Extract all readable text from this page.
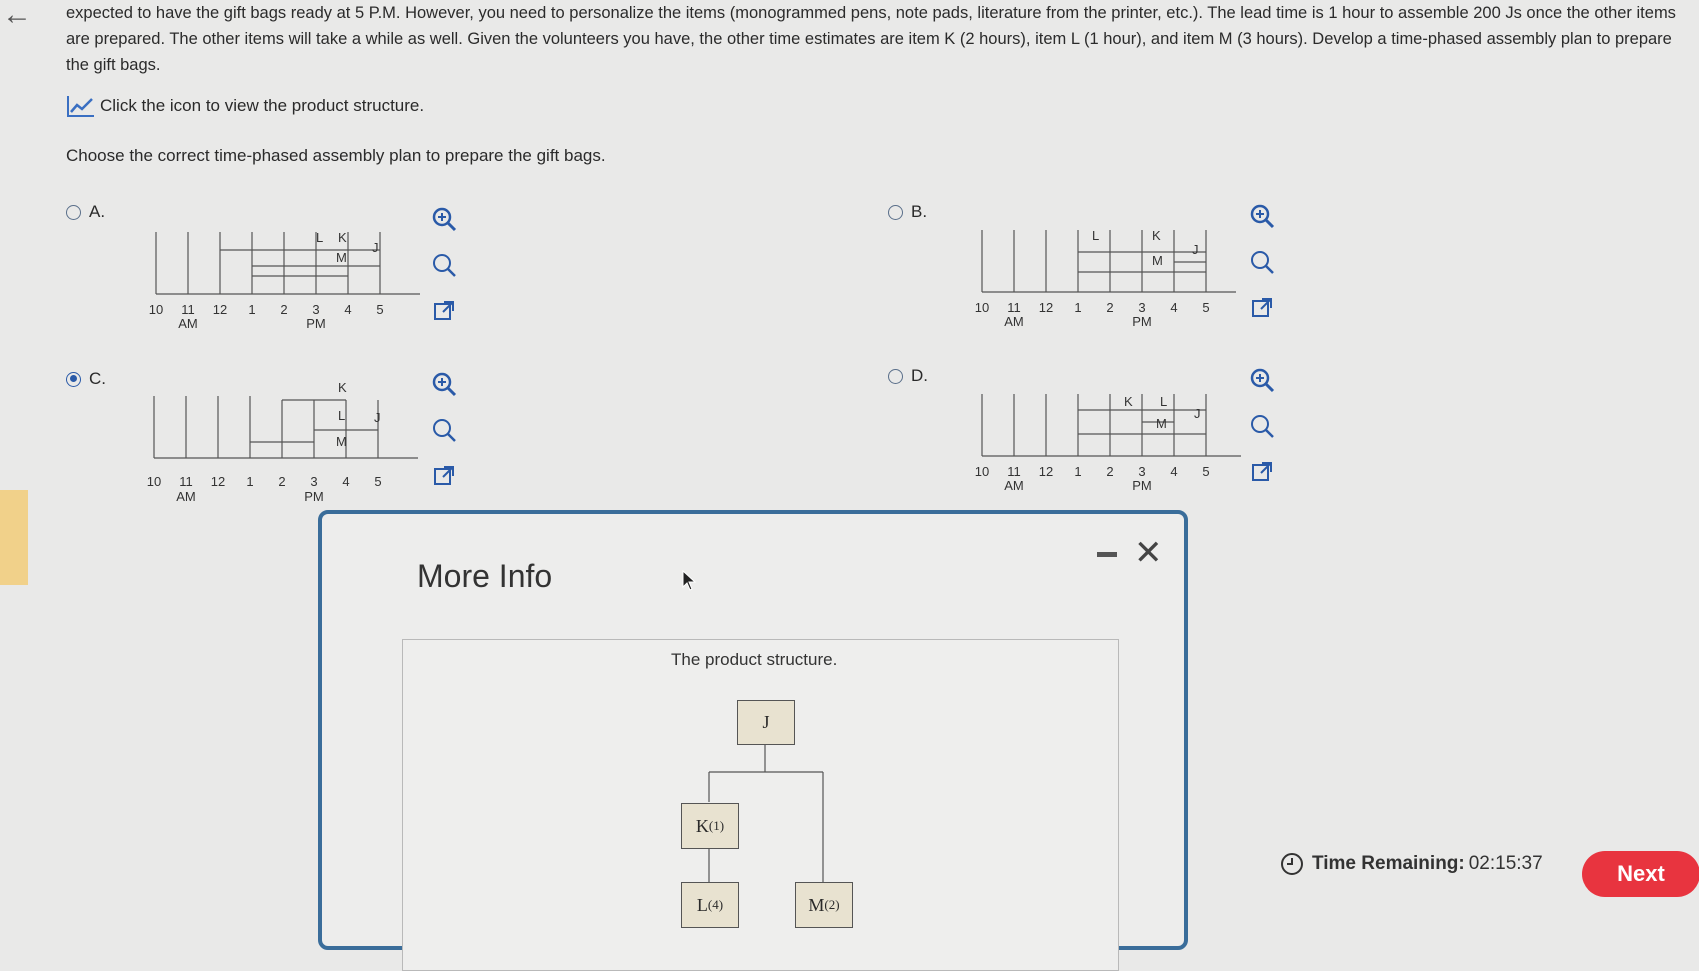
← expected to have the gift bags ready at 5 P.M. However, you need to personalize the items (monogrammed pens, note pads, literature from the printer, etc.). The lead time is 1 hour to assemble 200 Js once the other items are prepared. The other items will take a while as well. Given the volunteers you have, the other time estimates are item K (2 hours), item L (1 hour), and item M (3 hours). Develop a time-phased assembly plan to prepare the gift bags.
Click the icon to view the product structure.
Choose the correct time-phased assembly plan to prepare the gift bags.
A.
L K
M
J
10 11 12 1 2 3 4 5
AM	PM
B.
L	K
M
J
10 11 12 1 2 3 4 5
AM	PM
C.	K
L
M
J
10 11 12 1 2 3 4 5
AM	PM
D.
K L
M
J
10 11 12 1 2 3 4 5
AM	PM
More Info
✕
The product structure.
J
K (1)
L (4)	M (2)
Time Remaining: 02:15:37	Next
